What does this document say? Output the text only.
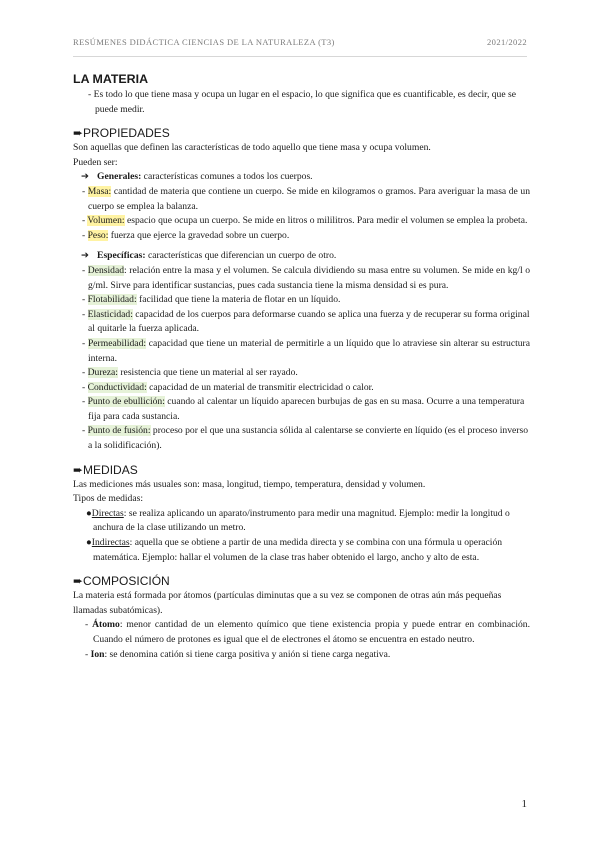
RESÚMENES DIDÁCTICA CIENCIAS DE LA NATURALEZA (T3)	2021/2022
LA MATERIA

- Es todo lo que tiene masa y ocupa un lugar en el espacio, lo que significa que es cuantificable, es decir, que se puede medir.

➨PROPIEDADES

Son aquellas que definen las características de todo aquello que tiene masa y ocupa volumen.

Pueden ser:

➔ Generales: características comunes a todos los cuerpos.

- Masa: cantidad de materia que contiene un cuerpo. Se mide en kilogramos o gramos. Para averiguar la masa de un cuerpo se emplea la balanza.

- Volumen: espacio que ocupa un cuerpo. Se mide en litros o mililitros. Para medir el volumen se emplea la probeta.

- Peso: fuerza que ejerce la gravedad sobre un cuerpo.

➔ Específicas: características que diferencian un cuerpo de otro.

- Densidad: relación entre la masa y el volumen. Se calcula dividiendo su masa entre su volumen. Se mide en kg/l o g/ml. Sirve para identificar sustancias, pues cada sustancia tiene la misma densidad si es pura.

- Flotabilidad: facilidad que tiene la materia de flotar en un líquido.

- Elasticidad: capacidad de los cuerpos para deformarse cuando se aplica una fuerza y de recuperar su forma original al quitarle la fuerza aplicada.

- Permeabilidad: capacidad que tiene un material de permitirle a un líquido que lo atraviese sin alterar su estructura interna.

- Dureza: resistencia que tiene un material al ser rayado.

- Conductividad: capacidad de un material de transmitir electricidad o calor.

- Punto de ebullición: cuando al calentar un líquido aparecen burbujas de gas en su masa. Ocurre a una temperatura fija para cada sustancia.

- Punto de fusión: proceso por el que una sustancia sólida al calentarse se convierte en líquido (es el proceso inverso a la solidificación).

➨MEDIDAS

Las mediciones más usuales son: masa, longitud, tiempo, temperatura, densidad y volumen.

Tipos de medidas:

●Directas: se realiza aplicando un aparato/instrumento para medir una magnitud. Ejemplo: medir la longitud o anchura de la clase utilizando un metro.

●Indirectas: aquella que se obtiene a partir de una medida directa y se combina con una fórmula u operación matemática. Ejemplo: hallar el volumen de la clase tras haber obtenido el largo, ancho y alto de esta.

➨COMPOSICIÓN

La materia está formada por átomos (partículas diminutas que a su vez se componen de otras aún más pequeñas llamadas subatómicas).

- Átomo: menor cantidad de un elemento químico que tiene existencia propia y puede entrar en combinación. Cuando el número de protones es igual que el de electrones el átomo se encuentra en estado neutro.

- Ion: se denomina catión si tiene carga positiva y anión si tiene carga negativa.

1
